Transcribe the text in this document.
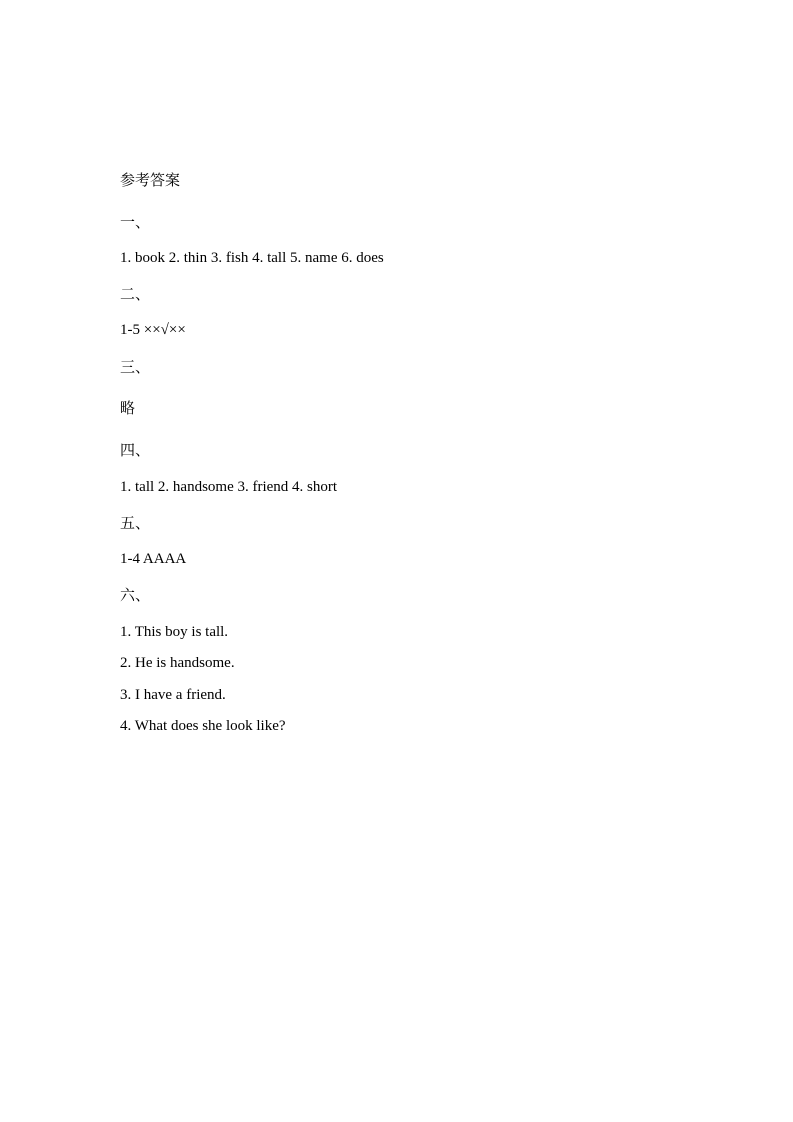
参考答案
一、
1. book 2. thin 3. fish 4. tall 5. name 6. does
二、
1-5 ××√××
三、
略
四、
1. tall 2. handsome 3. friend 4. short
五、
1-4 AAAA
六、
1. This boy is tall.
2. He is handsome.
3. I have a friend.
4. What does she look like?
